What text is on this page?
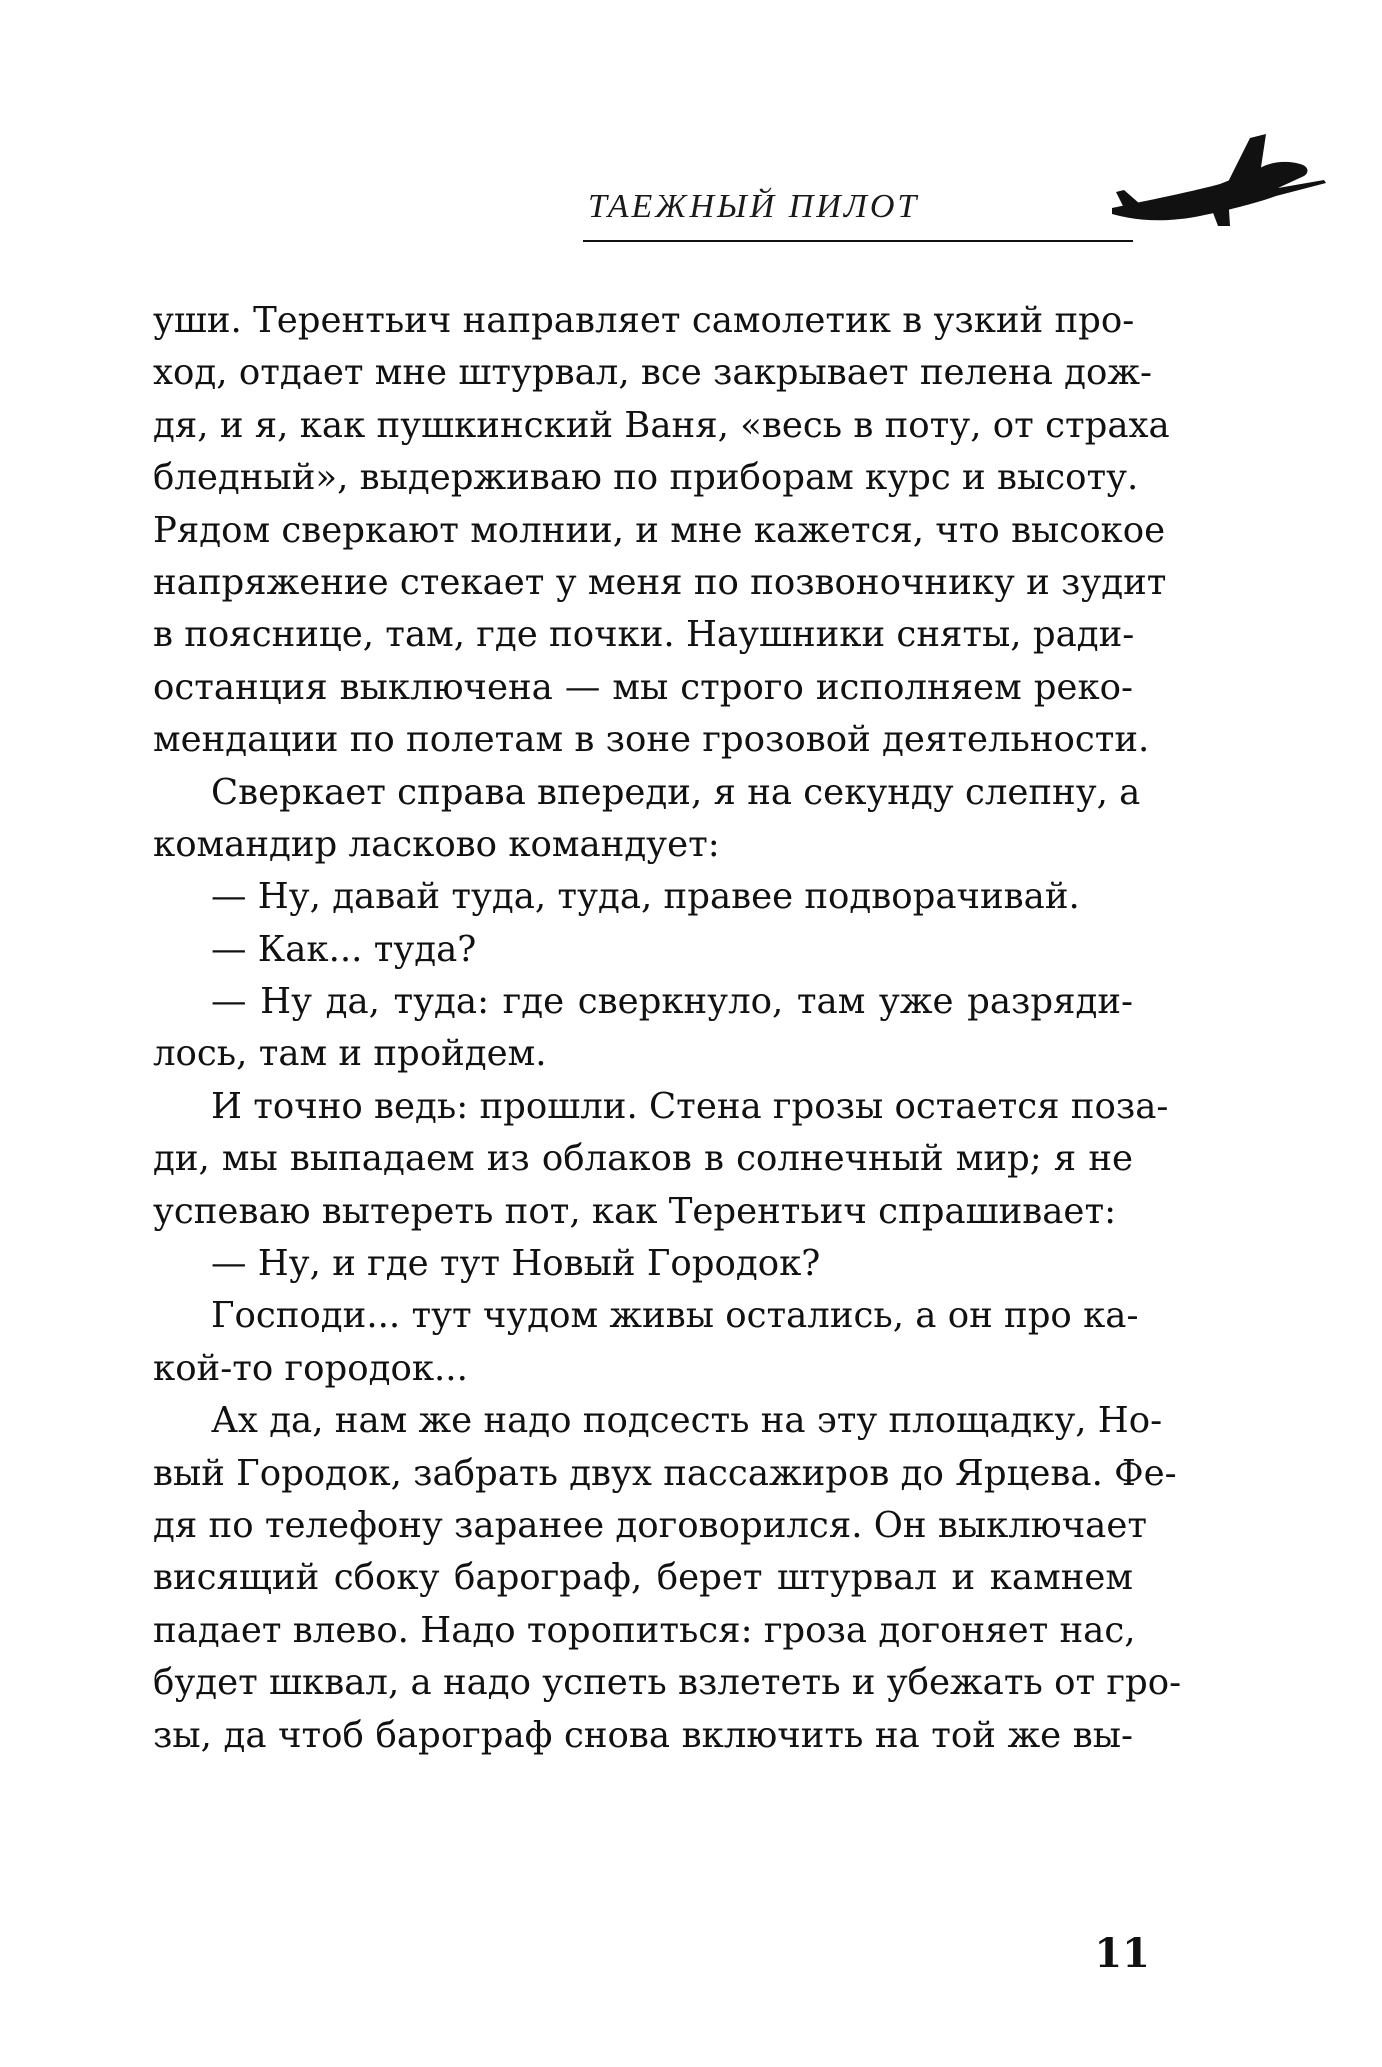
ТАЕЖНЫЙ ПИЛОТ
уши. Терентьич направляет самолетик в узкий про-
ход, отдает мне штурвал, все закрывает пелена дож-
дя, и я, как пушкинский Ваня, «весь в поту, от страха
бледный», выдерживаю по приборам курс и высоту.
Рядом сверкают молнии, и мне кажется, что высокое
напряжение стекает у меня по позвоночнику и зудит
в пояснице, там, где почки. Наушники сняты, ради-
останция выключена — мы строго исполняем реко-
мендации по полетам в зоне грозовой деятельности.
Сверкает справа впереди, я на секунду слепну, а
командир ласково командует:
— Ну, давай туда, туда, правее подворачивай.
— Как... туда?
— Ну да, туда: где сверкнуло, там уже разряди-
лось, там и пройдем.
И точно ведь: прошли. Стена грозы остается поза-
ди, мы выпадаем из облаков в солнечный мир; я не
успеваю вытереть пот, как Терентьич спрашивает:
— Ну, и где тут Новый Городок?
Господи... тут чудом живы остались, а он про ка-
кой-то городок...
Ах да, нам же надо подсесть на эту площадку, Но-
вый Городок, забрать двух пассажиров до Ярцева. Фе-
дя по телефону заранее договорился. Он выключает
висящий сбоку барограф, берет штурвал и камнем
падает влево. Надо торопиться: гроза догоняет нас,
будет шквал, а надо успеть взлететь и убежать от гро-
зы, да чтоб барограф снова включить на той же вы-
11
